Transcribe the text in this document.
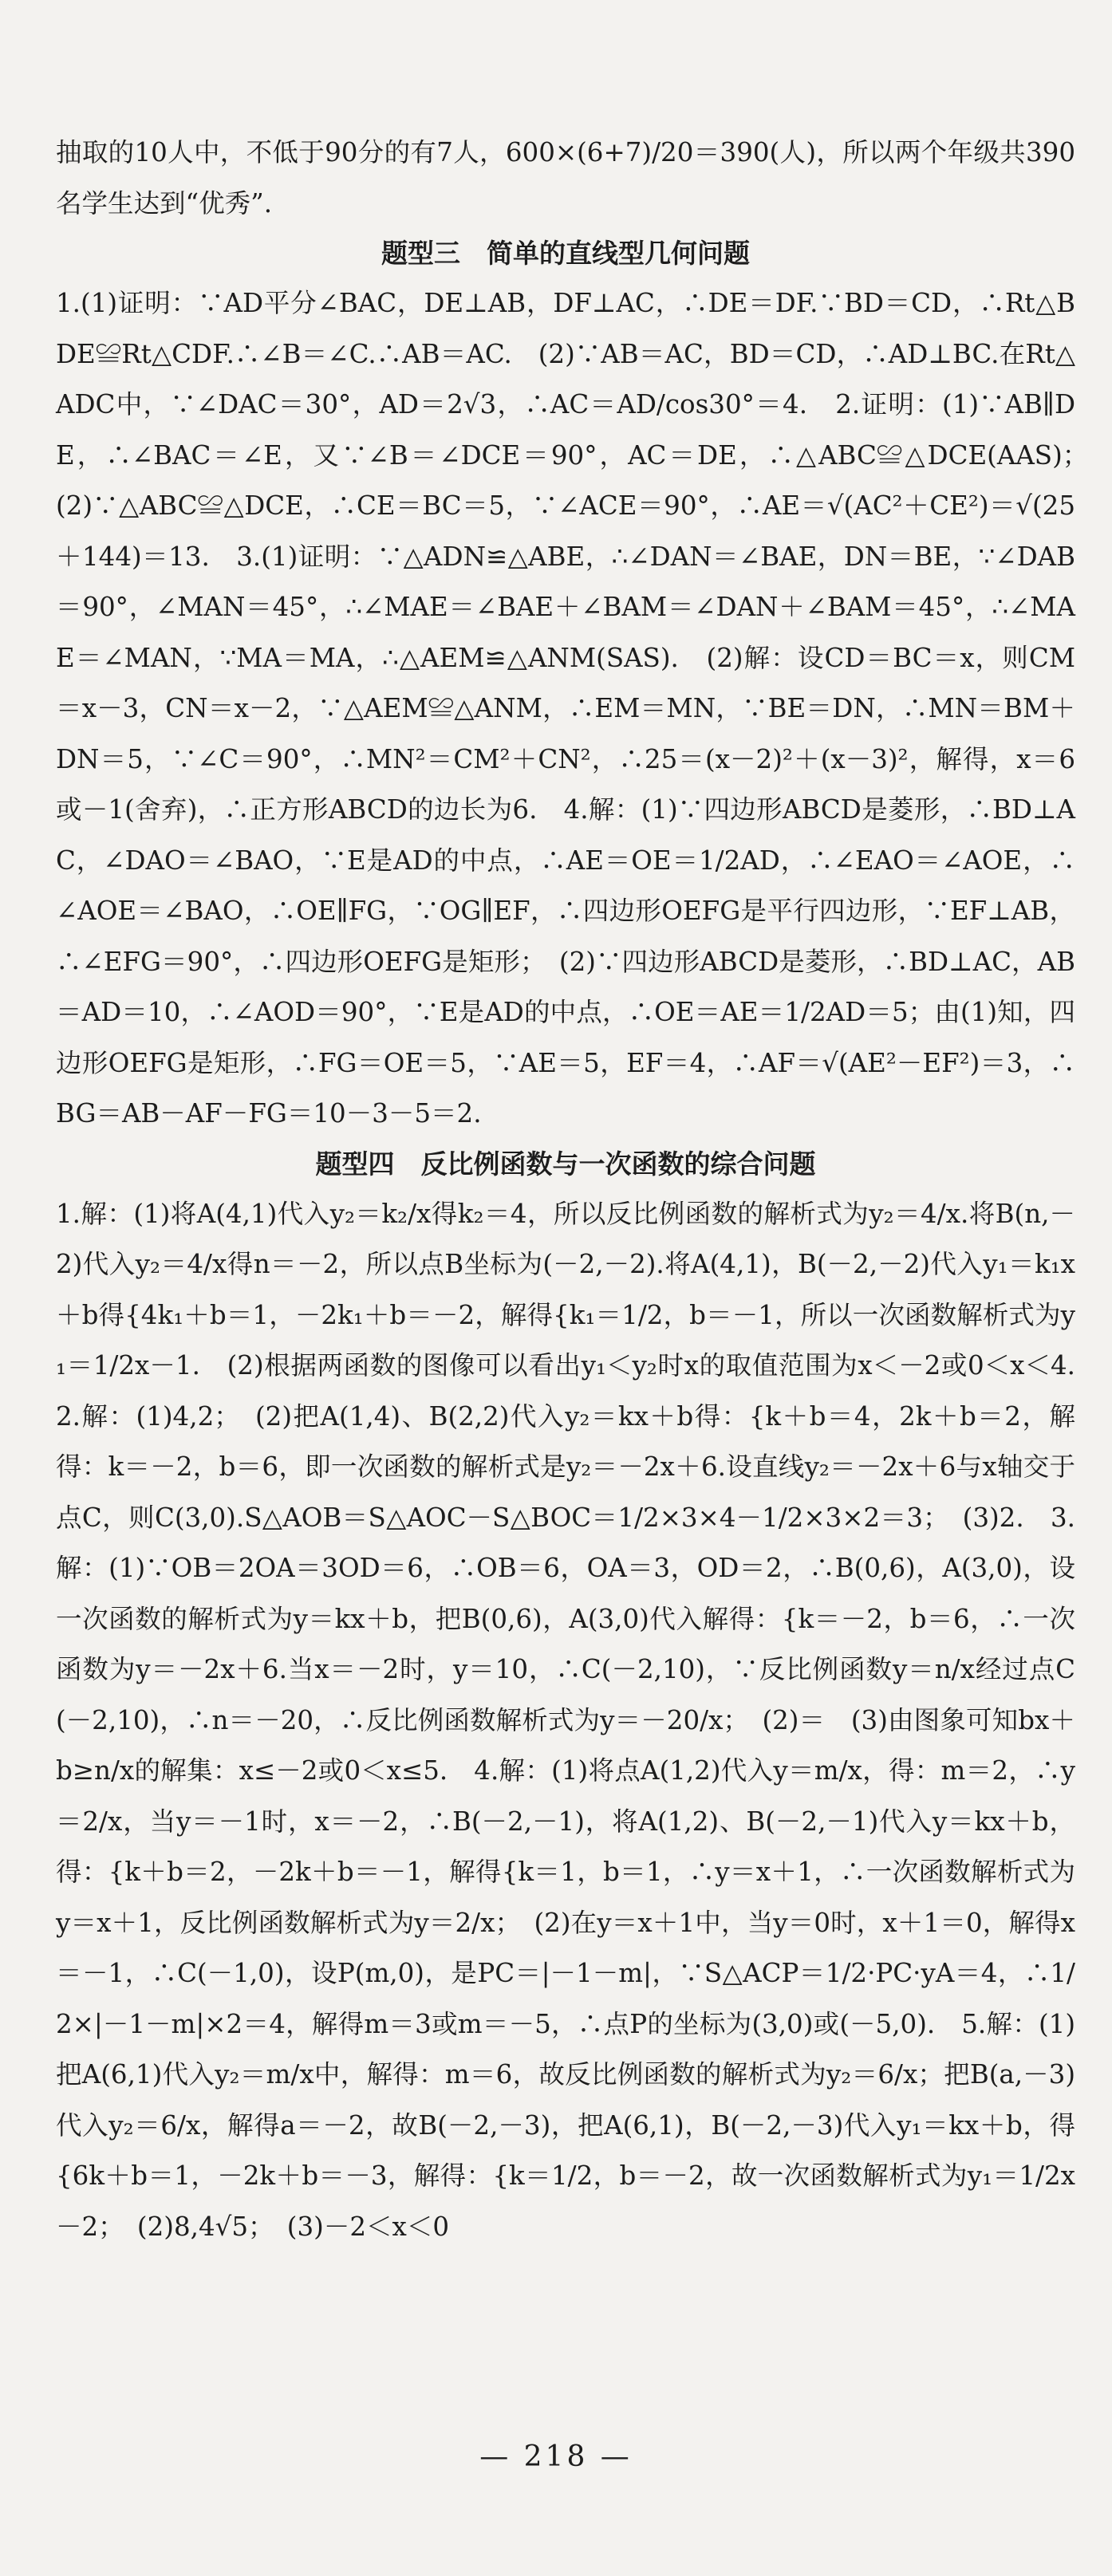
抽取的10人中，不低于90分的有7人，600×(6+7)/20＝390(人)，所以两个年级共390名学生达到“优秀”.

题型三　简单的直线型几何问题

1.(1)证明：∵AD平分∠BAC，DE⊥AB，DF⊥AC，∴DE＝DF.∵BD＝CD，∴Rt△BDE≌Rt△CDF.∴∠B＝∠C.∴AB＝AC.　(2)∵AB＝AC，BD＝CD，∴AD⊥BC.在Rt△ADC中，∵∠DAC＝30°，AD＝2√3，∴AC＝AD/cos30°＝4.　2.证明：(1)∵AB∥DE，∴∠BAC＝∠E，又∵∠B＝∠DCE＝90°，AC＝DE，∴△ABC≌△DCE(AAS)；　(2)∵△ABC≌△DCE，∴CE＝BC＝5，∵∠ACE＝90°，∴AE＝√(AC²＋CE²)＝√(25＋144)＝13.　3.(1)证明：∵△ADN≌△ABE，∴∠DAN＝∠BAE，DN＝BE，∵∠DAB＝90°，∠MAN＝45°，∴∠MAE＝∠BAE＋∠BAM＝∠DAN＋∠BAM＝45°，∴∠MAE＝∠MAN，∵MA＝MA，∴△AEM≌△ANM(SAS).　(2)解：设CD＝BC＝x，则CM＝x－3，CN＝x－2，∵△AEM≌△ANM，∴EM＝MN，∵BE＝DN，∴MN＝BM＋DN＝5，∵∠C＝90°，∴MN²＝CM²＋CN²，∴25＝(x－2)²＋(x－3)²，解得，x＝6或－1(舍弃)，∴正方形ABCD的边长为6.　4.解：(1)∵四边形ABCD是菱形，∴BD⊥AC，∠DAO＝∠BAO，∵E是AD的中点，∴AE＝OE＝1/2AD，∴∠EAO＝∠AOE，∴∠AOE＝∠BAO，∴OE∥FG，∵OG∥EF，∴四边形OEFG是平行四边形，∵EF⊥AB，∴∠EFG＝90°，∴四边形OEFG是矩形；　(2)∵四边形ABCD是菱形，∴BD⊥AC，AB＝AD＝10，∴∠AOD＝90°，∵E是AD的中点，∴OE＝AE＝1/2AD＝5；由(1)知，四边形OEFG是矩形，∴FG＝OE＝5，∵AE＝5，EF＝4，∴AF＝√(AE²－EF²)＝3，∴BG＝AB－AF－FG＝10－3－5＝2.

题型四　反比例函数与一次函数的综合问题

1.解：(1)将A(4,1)代入y₂＝k₂/x得k₂＝4，所以反比例函数的解析式为y₂＝4/x.将B(n,－2)代入y₂＝4/x得n＝－2，所以点B坐标为(－2,－2).将A(4,1)，B(－2,－2)代入y₁＝k₁x＋b得{4k₁＋b＝1，－2k₁＋b＝－2，解得{k₁＝1/2，b＝－1，所以一次函数解析式为y₁＝1/2x－1.　(2)根据两函数的图像可以看出y₁＜y₂时x的取值范围为x＜－2或0＜x＜4.　2.解：(1)4,2；　(2)把A(1,4)、B(2,2)代入y₂＝kx＋b得：{k＋b＝4，2k＋b＝2，解得：k＝－2，b＝6，即一次函数的解析式是y₂＝－2x＋6.设直线y₂＝－2x＋6与x轴交于点C，则C(3,0).S△AOB＝S△AOC－S△BOC＝1/2×3×4－1/2×3×2＝3；　(3)2.　3.解：(1)∵OB＝2OA＝3OD＝6，∴OB＝6，OA＝3，OD＝2，∴B(0,6)，A(3,0)，设一次函数的解析式为y＝kx＋b，把B(0,6)，A(3,0)代入解得：{k＝－2，b＝6，∴一次函数为y＝－2x＋6.当x＝－2时，y＝10，∴C(－2,10)，∵反比例函数y＝n/x经过点C(－2,10)，∴n＝－20，∴反比例函数解析式为y＝－20/x；　(2)＝　(3)由图象可知bx＋b≥n/x的解集：x≤－2或0＜x≤5.　4.解：(1)将点A(1,2)代入y＝m/x，得：m＝2，∴y＝2/x，当y＝－1时，x＝－2，∴B(－2,－1)，将A(1,2)、B(－2,－1)代入y＝kx＋b，得：{k＋b＝2，－2k＋b＝－1，解得{k＝1，b＝1，∴y＝x＋1，∴一次函数解析式为y＝x＋1，反比例函数解析式为y＝2/x；　(2)在y＝x＋1中，当y＝0时，x＋1＝0，解得x＝－1，∴C(－1,0)，设P(m,0)，是PC＝|－1－m|，∵S△ACP＝1/2·PC·yA＝4，∴1/2×|－1－m|×2＝4，解得m＝3或m＝－5，∴点P的坐标为(3,0)或(－5,0).　5.解：(1)把A(6,1)代入y₂＝m/x中，解得：m＝6，故反比例函数的解析式为y₂＝6/x；把B(a,－3)代入y₂＝6/x，解得a＝－2，故B(－2,－3)，把A(6,1)，B(－2,－3)代入y₁＝kx＋b，得{6k＋b＝1，－2k＋b＝－3，解得：{k＝1/2，b＝－2，故一次函数解析式为y₁＝1/2x－2；　(2)8,4√5；　(3)－2＜x＜0

— 218 —
